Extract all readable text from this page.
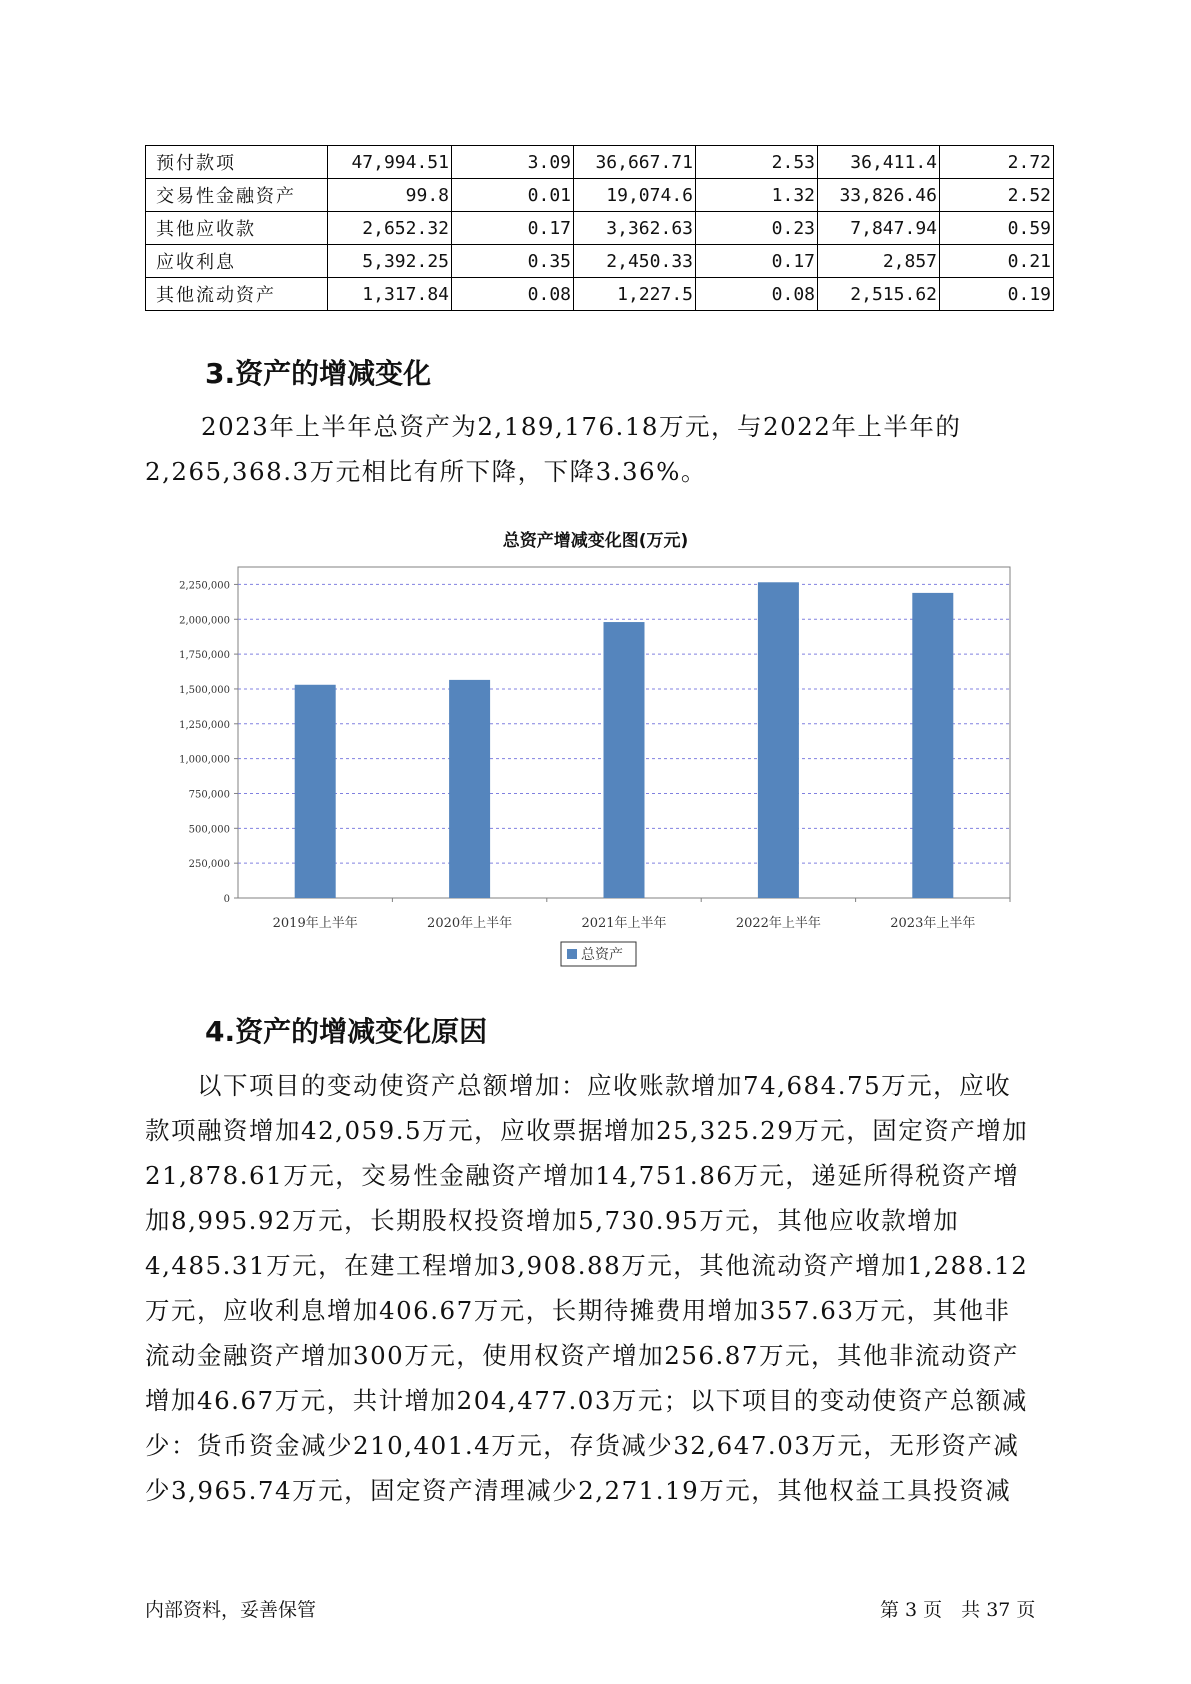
预付款项	47,994.51	3.09	36,667.71	2.53	36,411.4	2.72
交易性金融资产	99.8	0.01	19,074.6	1.32	33,826.46	2.52
其他应收款	2,652.32	0.17	3,362.63	0.23	7,847.94	0.59
应收利息	5,392.25	0.35	2,450.33	0.17	2,857	0.21
其他流动资产	1,317.84	0.08	1,227.5	0.08	2,515.62	0.19
3.资产的增减变化
2023年上半年总资产为2,189,176.18万元，与2022年上半年的
2,265,368.3万元相比有所下降，下降3.36%。
总资产增减变化图(万元)
0
250,000
500,000
750,000
1,000,000
1,250,000
1,500,000
1,750,000
2,000,000
2,250,000
2019年上半年	2020年上半年	2021年上半年	2022年上半年	2023年上半年
总资产
4.资产的增减变化原因
　　以下项目的变动使资产总额增加：应收账款增加74,684.75万元，应收
款项融资增加42,059.5万元，应收票据增加25,325.29万元，固定资产增加
21,878.61万元，交易性金融资产增加14,751.86万元，递延所得税资产增
加8,995.92万元，长期股权投资增加5,730.95万元，其他应收款增加
4,485.31万元，在建工程增加3,908.88万元，其他流动资产增加1,288.12
万元，应收利息增加406.67万元，长期待摊费用增加357.63万元，其他非
流动金融资产增加300万元，使用权资产增加256.87万元，其他非流动资产
增加46.67万元，共计增加204,477.03万元；以下项目的变动使资产总额减
少：货币资金减少210,401.4万元，存货减少32,647.03万元，无形资产减
少3,965.74万元，固定资产清理减少2,271.19万元，其他权益工具投资减
内部资料，妥善保管	第 3 页　共 37 页
